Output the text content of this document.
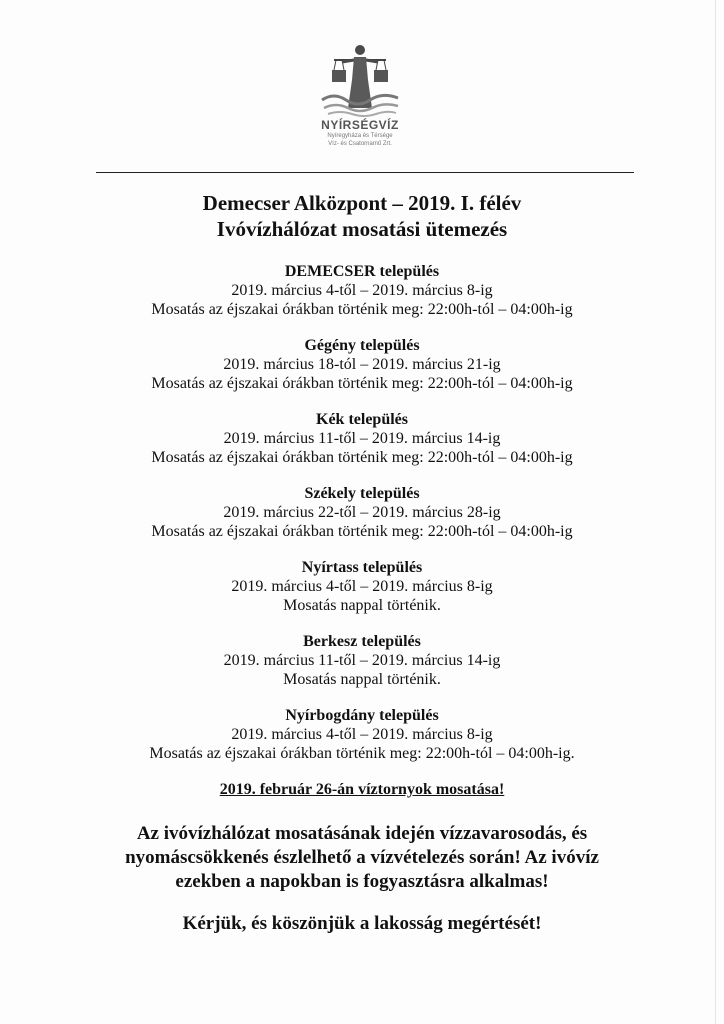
NYÍRSÉGVÍZ
Nyíregyháza és Térsége
Víz- és Csatornamű Zrt.
Demecser Alközpont – 2019. I. félév
Ivóvízhálózat mosatási ütemezés
DEMECSER település
2019. március 4-től – 2019. március 8-ig
Mosatás az éjszakai órákban történik meg: 22:00h-tól – 04:00h-ig
Gégény település
2019. március 18-tól – 2019. március 21-ig
Mosatás az éjszakai órákban történik meg: 22:00h-tól – 04:00h-ig
Kék település
2019. március 11-től – 2019. március 14-ig
Mosatás az éjszakai órákban történik meg: 22:00h-tól – 04:00h-ig
Székely település
2019. március 22-től – 2019. március 28-ig
Mosatás az éjszakai órákban történik meg: 22:00h-tól – 04:00h-ig
Nyírtass település
2019. március 4-től – 2019. március 8-ig
Mosatás nappal történik.
Berkesz település
2019. március 11-től – 2019. március 14-ig
Mosatás nappal történik.
Nyírbogdány település
2019. március 4-től – 2019. március 8-ig
Mosatás az éjszakai órákban történik meg: 22:00h-tól – 04:00h-ig.
2019. február 26-án víztornyok mosatása!
Az ivóvízhálózat mosatásának idején vízzavarosodás, és
nyomáscsökkenés észlelhető a vízvételezés során! Az ivóvíz
ezekben a napokban is fogyasztásra alkalmas!
Kérjük, és köszönjük a lakosság megértését!
